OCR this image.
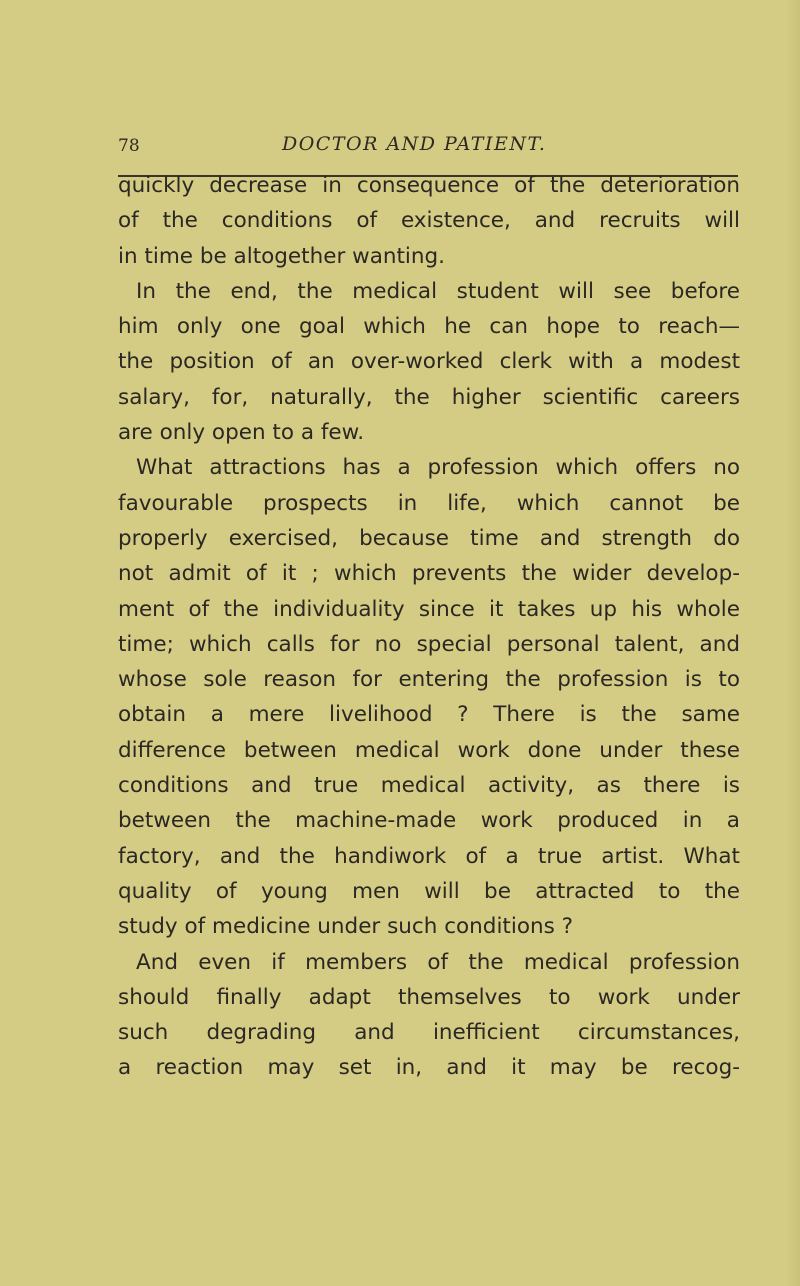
78	DOCTOR AND PATIENT.
quickly decrease in consequence of the deterioration
of the conditions of existence, and recruits will
in time be altogether wanting.
In the end, the medical student will see before
him only one goal which he can hope to reach—
the position of an over-worked clerk with a modest
salary, for, naturally, the higher scientific careers
are only open to a few.
What attractions has a profession which offers no
favourable prospects in life, which cannot be
properly exercised, because time and strength do
not admit of it ; which prevents the wider develop-
ment of the individuality since it takes up his whole
time; which calls for no special personal talent, and
whose sole reason for entering the profession is to
obtain a mere livelihood ? There is the same
difference between medical work done under these
conditions and true medical activity, as there is
between the machine-made work produced in a
factory, and the handiwork of a true artist. What
quality of young men will be attracted to the
study of medicine under such conditions ?
And even if members of the medical profession
should finally adapt themselves to work under
such degrading and inefficient circumstances,
a reaction may set in, and it may be recog-
